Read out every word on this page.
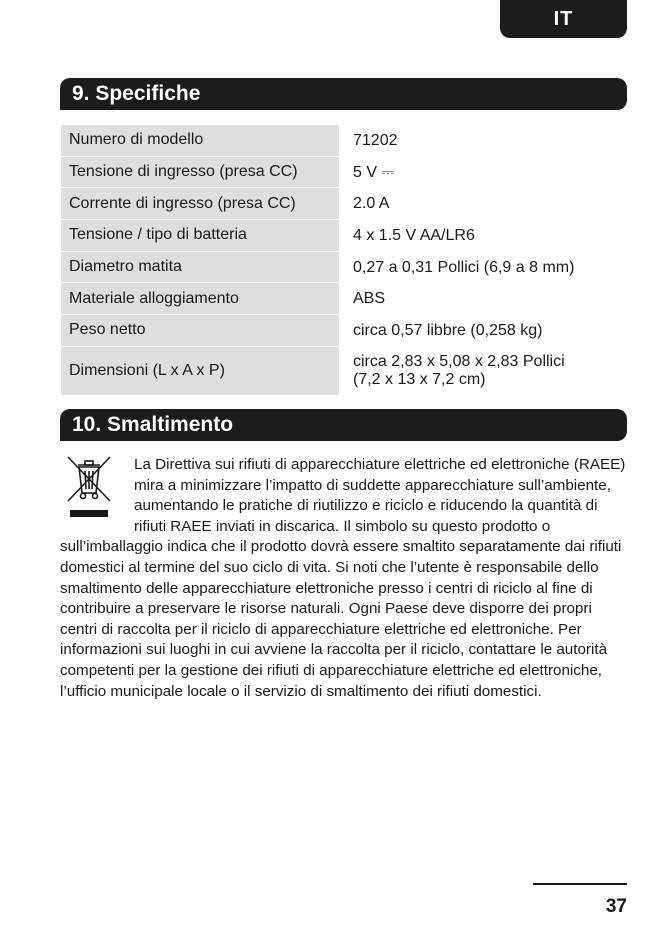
IT
9. Specifiche
Numero di modello	71202
Tensione di ingresso (presa CC)	5 V ⎓
Corrente di ingresso (presa CC)	2.0 A
Tensione / tipo di batteria	4 x 1.5 V AA/LR6
Diametro matita	0,27 a 0,31 Pollici (6,9 a 8 mm)
Materiale alloggiamento	ABS
Peso netto	circa 0,57 libbre (0,258 kg)
Dimensioni (L x A x P)	circa 2,83 x 5,08 x 2,83 Pollici
(7,2 x 13 x 7,2 cm)
10. Smaltimento

La Direttiva sui rifiuti di apparecchiature elettriche ed elettroniche (RAEE) mira a minimizzare l’impatto di suddette apparecchiature sull’ambiente, aumentando le pratiche di riutilizzo e riciclo e riducendo la quantità di rifiuti RAEE inviati in discarica. Il simbolo su questo prodotto o sull’imballaggio indica che il prodotto dovrà essere smaltito separatamente dai rifiuti domestici al termine del suo ciclo di vita. Si noti che l’utente è responsabile dello smaltimento delle apparecchiature elettroniche presso i centri di riciclo al fine di contribuire a preservare le risorse naturali. Ogni Paese deve disporre dei propri centri di raccolta per il riciclo di apparecchiature elettriche ed elettroniche. Per informazioni sui luoghi in cui avviene la raccolta per il riciclo, contattare le autorità competenti per la gestione dei rifiuti di apparecchiature elettriche ed elettroniche, l’ufficio municipale locale o il servizio di smaltimento dei rifiuti domestici.

37
